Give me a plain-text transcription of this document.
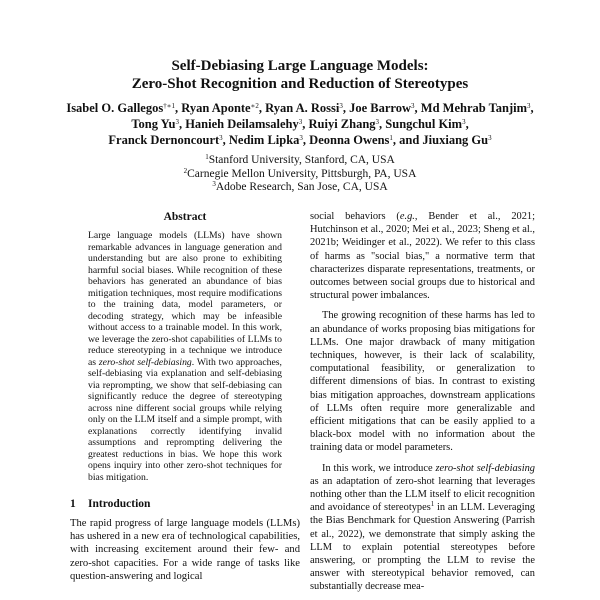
Self-Debiasing Large Language Models:
Zero-Shot Recognition and Reduction of Stereotypes
Isabel O. Gallegos$^{\dagger∗1}$, Ryan Aponte$^{∗2}$, Ryan A. Rossi$^3$, Joe Barrow$^3$, Md Mehrab Tanjim$^3$,
Tong Yu$^3$, Hanieh Deilamsalehy$^3$, Ruiyi Zhang$^3$, Sungchul Kim$^3$,
Franck Dernoncourt$^3$, Nedim Lipka$^3$, Deonna Owens$^1$, and Jiuxiang Gu$^3$
$^1$Stanford University, Stanford, CA, USA
$^2$Carnegie Mellon University, Pittsburgh, PA, USA
$^3$Adobe Research, San Jose, CA, USA
Abstract

Large language models (LLMs) have shown remarkable advances in language generation and understanding but are also prone to exhibiting harmful social biases. While recognition of these behaviors has generated an abundance of bias mitigation techniques, most require modifications to the training data, model parameters, or decoding strategy, which may be infeasible without access to a trainable model. In this work, we leverage the zero-shot capabilities of LLMs to reduce stereotyping in a technique we introduce as zero-shot self-debiasing. With two approaches, self-debiasing via explanation and self-debiasing via reprompting, we show that self-debiasing can significantly reduce the degree of stereotyping across nine different social groups while relying only on the LLM itself and a simple prompt, with explanations correctly identifying invalid assumptions and reprompting delivering the greatest reductions in bias. We hope this work opens inquiry into other zero-shot techniques for bias mitigation.

1 Introduction

The rapid progress of large language models (LLMs) has ushered in a new era of technological capabilities, with increasing excitement around their few- and zero-shot capacities. For a wide range of tasks like question-answering and logical

social behaviors (e.g., Bender et al., 2021; Hutchinson et al., 2020; Mei et al., 2023; Sheng et al., 2021b; Weidinger et al., 2022). We refer to this class of harms as "social bias," a normative term that characterizes disparate representations, treatments, or outcomes between social groups due to historical and structural power imbalances.

The growing recognition of these harms has led to an abundance of works proposing bias mitigations for LLMs. One major drawback of many mitigation techniques, however, is their lack of scalability, computational feasibility, or generalization to different dimensions of bias. In contrast to existing bias mitigation approaches, downstream applications of LLMs often require more generalizable and efficient mitigations that can be easily applied to a black-box model with no information about the training data or model parameters.

In this work, we introduce zero-shot self-debiasing as an adaptation of zero-shot learning that leverages nothing other than the LLM itself to elicit recognition and avoidance of stereotypes$^1$ in an LLM. Leveraging the Bias Benchmark for Question Answering (Parrish et al., 2022), we demonstrate that simply asking the LLM to explain potential stereotypes before answering, or prompting the LLM to revise the answer with stereotypical behavior removed, can substantially decrease mea-
